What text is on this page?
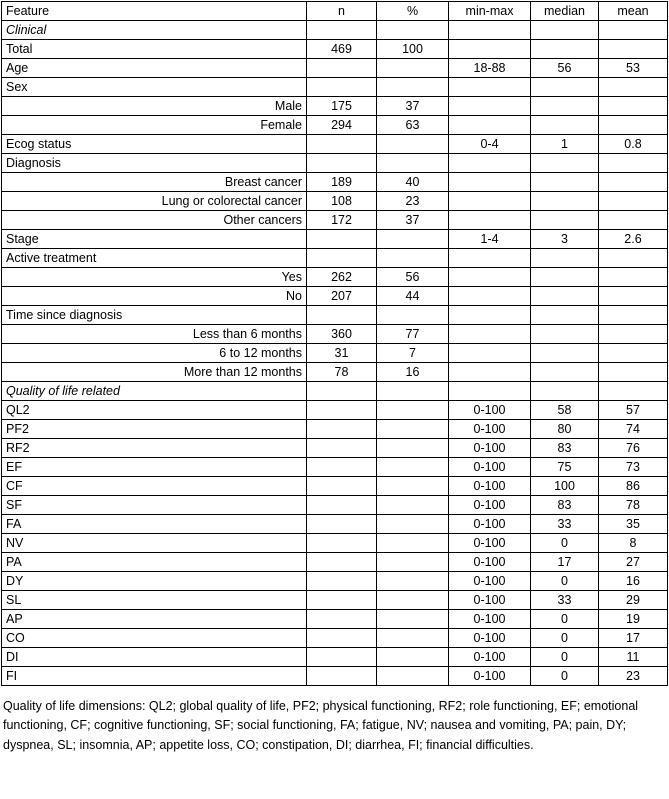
Feature	n	%	min-max	median	mean
Clinical					
Total	469	100			
Age			18-88	56	53
Sex					
Male	175	37			
Female	294	63			
Ecog status			0-4	1	0.8
Diagnosis					
Breast cancer	189	40			
Lung or colorectal cancer	108	23			
Other cancers	172	37			
Stage			1-4	3	2.6
Active treatment					
Yes	262	56			
No	207	44			
Time since diagnosis					
Less than 6 months	360	77			
6 to 12 months	31	7			
More than 12 months	78	16			
Quality of life related					
QL2			0-100	58	57
PF2			0-100	80	74
RF2			0-100	83	76
EF			0-100	75	73
CF			0-100	100	86
SF			0-100	83	78
FA			0-100	33	35
NV			0-100	0	8
PA			0-100	17	27
DY			0-100	0	16
SL			0-100	33	29
AP			0-100	0	19
CO			0-100	0	17
DI			0-100	0	11
FI			0-100	0	23
Quality of life dimensions: QL2; global quality of life, PF2; physical functioning, RF2; role functioning, EF; emotional functioning, CF; cognitive functioning, SF; social functioning, FA; fatigue, NV; nausea and vomiting, PA; pain, DY; dyspnea, SL; insomnia, AP; appetite loss, CO; constipation, DI; diarrhea, FI; financial difficulties.
